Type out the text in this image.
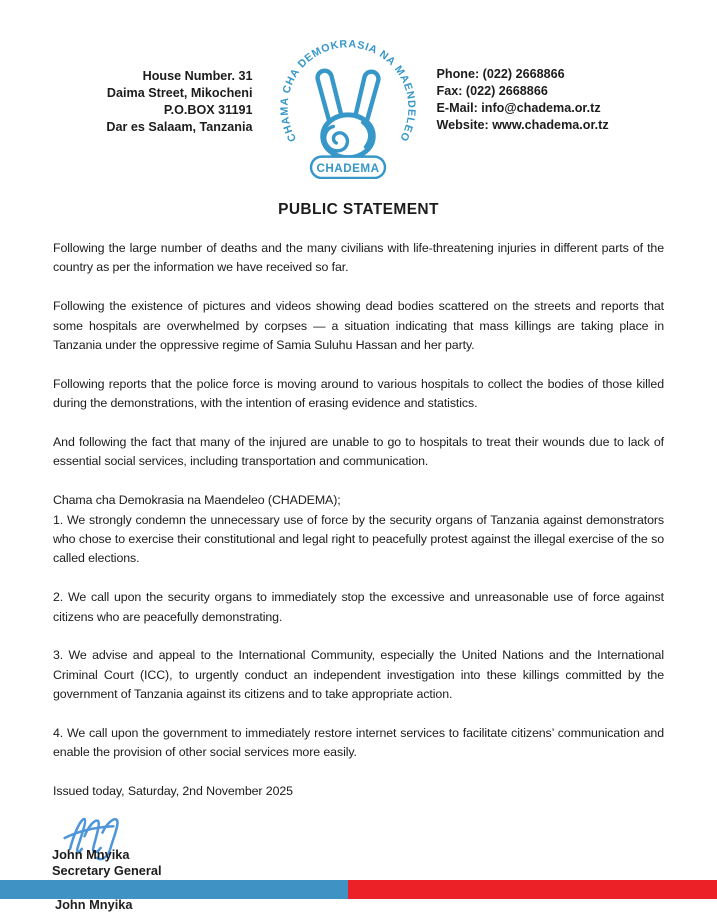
House Number. 31
Daima Street, Mikocheni
P.O.BOX 31191
Dar es Salaam, Tanzania
CHAMA CHA DEMOKRASIA NA MAENDELEO
CHADEMA
Phone: (022) 2668866
Fax: (022) 2668866
E-Mail: info@chadema.or.tz
Website: www.chadema.or.tz
PUBLIC STATEMENT

Following the large number of deaths and the many civilians with life-threatening injuries in different parts of the country as per the information we have received so far.

Following the existence of pictures and videos showing dead bodies scattered on the streets and reports that some hospitals are overwhelmed by corpses — a situation indicating that mass killings are taking place in Tanzania under the oppressive regime of Samia Suluhu Hassan and her party.

Following reports that the police force is moving around to various hospitals to collect the bodies of those killed during the demonstrations, with the intention of erasing evidence and statistics.

And following the fact that many of the injured are unable to go to hospitals to treat their wounds due to lack of essential social services, including transportation and communication.

Chama cha Demokrasia na Maendeleo (CHADEMA);

1. We strongly condemn the unnecessary use of force by the security organs of Tanzania against demonstrators who chose to exercise their constitutional and legal right to peacefully protest against the illegal exercise of the so called elections.

2. We call upon the security organs to immediately stop the excessive and unreasonable use of force against citizens who are peacefully demonstrating.

3. We advise and appeal to the International Community, especially the United Nations and the International Criminal Court (ICC), to urgently conduct an independent investigation into these killings committed by the government of Tanzania against its citizens and to take appropriate action.

4. We call upon the government to immediately restore internet services to facilitate citizens’ communication and enable the provision of other social services more easily.

Issued today, Saturday, 2nd November 2025

John Mnyika
Secretary General
John Mnyika
